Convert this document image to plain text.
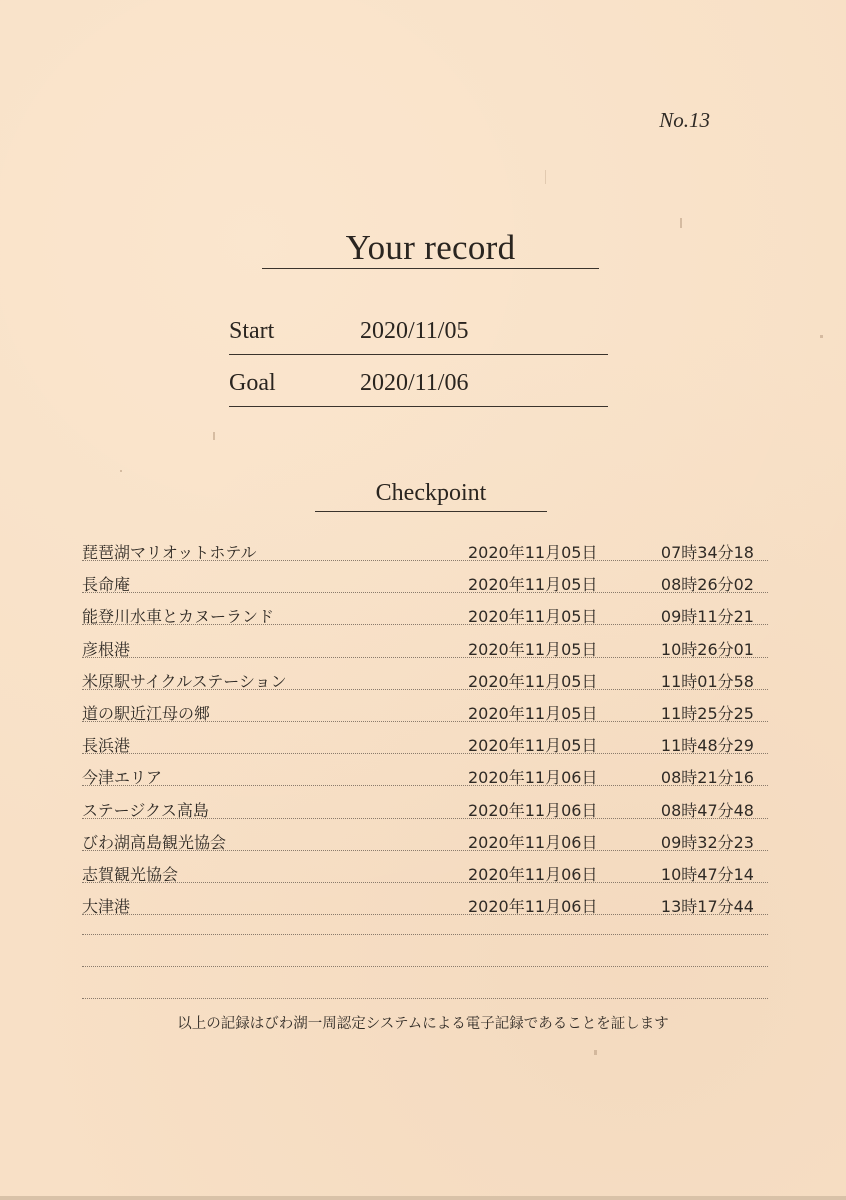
No.13
Your record
Start	2020/11/05
Goal	2020/11/06
Checkpoint
琵琶湖マリオットホテル	2020年11月05日	07時34分18
長命庵	2020年11月05日	08時26分02
能登川水車とカヌーランド	2020年11月05日	09時11分21
彦根港	2020年11月05日	10時26分01
米原駅サイクルステーション	2020年11月05日	11時01分58
道の駅近江母の郷	2020年11月05日	11時25分25
長浜港	2020年11月05日	11時48分29
今津エリア	2020年11月06日	08時21分16
ステージクス高島	2020年11月06日	08時47分48
びわ湖高島観光協会	2020年11月06日	09時32分23
志賀観光協会	2020年11月06日	10時47分14
大津港	2020年11月06日	13時17分44
以上の記録はびわ湖一周認定システムによる電子記録であることを証します
